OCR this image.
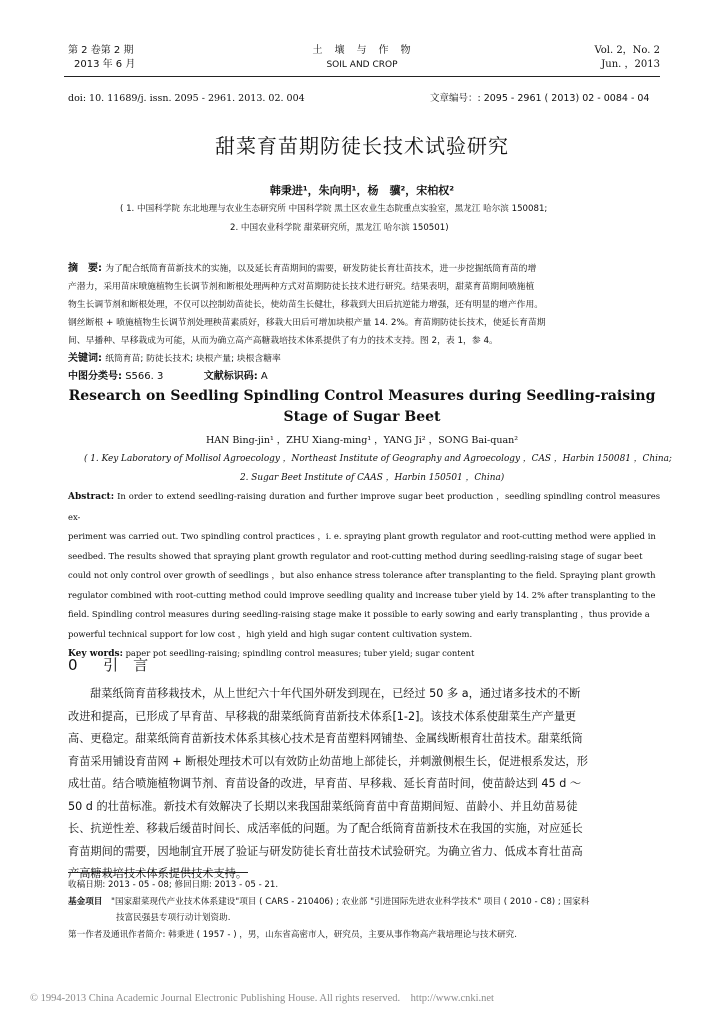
第 2 卷第 2 期
2013 年 6 月
土　壤　与　作　物
SOIL AND CROP
Vol. 2，No. 2
Jun. ，2013
doi: 10. 11689/j. issn. 2095 - 2961. 2013. 02. 004	文章编号：: 2095 - 2961 ( 2013) 02 - 0084 - 04
甜菜育苗期防徒长技术试验研究
韩秉进¹，朱向明¹，杨　骥²，宋柏权²
( 1. 中国科学院 东北地理与农业生态研究所 中国科学院 黑土区农业生态院重点实验室，黑龙江 哈尔滨 150081;
2. 中国农业科学院 甜菜研究所，黑龙江 哈尔滨 150501)
摘　要: 为了配合纸筒育苗新技术的实施，以及延长育苗期间的需要，研发防徒长育壮苗技术，进一步挖掘纸筒育苗的增
产潜力，采用苗床喷施植物生长调节剂和断根处理两种方式对苗期防徒长技术进行研究。结果表明，甜菜育苗期间喷施植
物生长调节剂和断根处理，不仅可以控制幼苗徒长，使幼苗生长健壮，移栽到大田后抗逆能力增强，还有明显的增产作用。
钢丝断根 + 喷施植物生长调节剂处理秧苗素质好，移栽大田后可增加块根产量 14. 2%。育苗期防徒长技术，使延长育苗期
间、早播种、早移栽成为可能，从而为确立高产高糖栽培技术体系提供了有力的技术支持。图 2，表 1，参 4。
关键词: 纸筒育苗; 防徒长技术; 块根产量; 块根含糖率
中图分类号: S566. 3	文献标识码: A
Research on Seedling Spindling Control Measures during Seedling-raising
Stage of Sugar Beet
HAN Bing-jin¹ ，ZHU Xiang-ming¹ ，YANG Ji² ，SONG Bai-quan²
( 1. Key Laboratory of Mollisol Agroecology ，Northeast Institute of Geography and Agroecology ，CAS ，Harbin 150081 ，China;
2. Sugar Beet Institute of CAAS ，Harbin 150501 ，China)
Abstract: In order to extend seedling-raising duration and further improve sugar beet production ，seedling spindling control measures ex-
periment was carried out. Two spindling control practices ，i. e. spraying plant growth regulator and root-cutting method were applied in
seedbed. The results showed that spraying plant growth regulator and root-cutting method during seedling-raising stage of sugar beet
could not only control over growth of seedlings ，but also enhance stress tolerance after transplanting to the field. Spraying plant growth
regulator combined with root-cutting method could improve seedling quality and increase tuber yield by 14. 2% after transplanting to the
field. Spindling control measures during seedling-raising stage make it possible to early sowing and early transplanting ，thus provide a
powerful technical support for low cost ，high yield and high sugar content cultivation system.
Key words: paper pot seedling-raising; spindling control measures; tuber yield; sugar content
0 引　言
甜菜纸筒育苗移栽技术，从上世纪六十年代国外研发到现在，已经过 50 多 a，通过诸多技术的不断
改进和提高，已形成了早育苗、早移栽的甜菜纸筒育苗新技术体系[1-2]。该技术体系使甜菜生产产量更
高、更稳定。甜菜纸筒育苗新技术体系其核心技术是育苗塑料网铺垫、金属线断根育壮苗技术。甜菜纸筒
育苗采用铺设育苗网 + 断根处理技术可以有效防止幼苗地上部徒长，并刺激侧根生长，促进根系发达，形
成壮苗。结合喷施植物调节剂、育苗设备的改进，早育苗、早移栽、延长育苗时间，使苗龄达到 45 d ～
50 d 的壮苗标准。新技术有效解决了长期以来我国甜菜纸筒育苗中育苗期间短、苗龄小、并且幼苗易徒
长、抗逆性差、移栽后缓苗时间长、成活率低的问题。为了配合纸筒育苗新技术在我国的实施，对应延长
育苗期间的需要，因地制宜开展了验证与研发防徒长育壮苗技术试验研究。为确立省力、低成本育壮苗高
产高糖栽培技术体系提供技术支持。
收稿日期: 2013 - 05 - 08; 修回日期: 2013 - 05 - 21.
基金项目　 "国家甜菜现代产业技术体系建设"项目 ( CARS - 210406) ; 农业部 "引进国际先进农业科学技术" 项目 ( 2010 - C8) ; 国家科
技富民强县专项行动计划资助.
第一作者及通讯作者简介: 韩秉进 ( 1957 - ) ，男，山东省高密市人，研究员，主要从事作物高产栽培理论与技术研究.
© 1994-2013 China Academic Journal Electronic Publishing House. All rights reserved.　http://www.cnki.net
